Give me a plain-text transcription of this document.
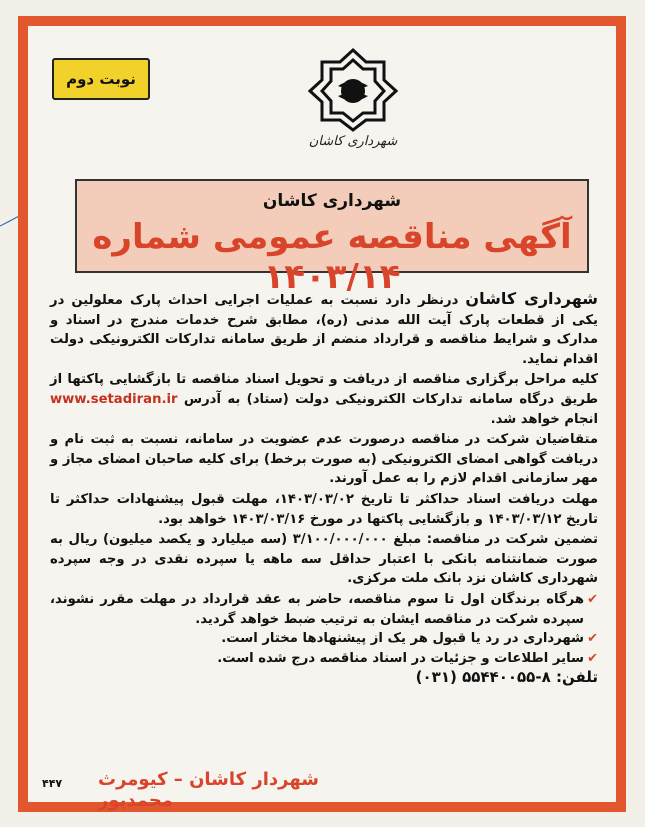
نوبت دوم
شهرداری کاشان
شهرداری کاشان
آگهی مناقصه عمومی شماره ۱۴۰۳/۱۴

شهرداری کاشان درنظر دارد نسبت به عملیات اجرایی احداث پارک معلولین در یکی از قطعات پارک آیت الله مدنی (ره)، مطابق شرح خدمات مندرج در اسناد و مدارک و شرایط مناقصه و قرارداد منضم از طریق سامانه تدارکات الکترونیکی دولت اقدام نماید.

کلیه مراحل برگزاری مناقصه از دریافت و تحویل اسناد مناقصه تا بازگشایی پاکتها از طریق درگاه سامانه تدارکات الکترونیکی دولت (ستاد) به آدرس www.setadiran.ir انجام خواهد شد.

متقاضیان شرکت در مناقصه درصورت عدم عضویت در سامانه، نسبت به ثبت نام و دریافت گواهی امضای الکترونیکی (به صورت برخط) برای کلیه صاحبان امضای مجاز و مهر سازمانی اقدام لازم را به عمل آورند.

مهلت دریافت اسناد حداکثر تا تاریخ ۱۴۰۳/۰۳/۰۲، مهلت قبول پیشنهادات حداکثر تا تاریخ ۱۴۰۳/۰۳/۱۲ و بازگشایی پاکتها در مورخ ۱۴۰۳/۰۳/۱۶ خواهد بود.

تضمین شرکت در مناقصه: مبلغ ۳/۱۰۰/۰۰۰/۰۰۰ (سه میلیارد و یکصد میلیون) ریال به صورت ضمانتنامه بانکی با اعتبار حداقل سه ماهه یا سپرده نقدی در وجه سپرده شهرداری کاشان نزد بانک ملت مرکزی.

✔
هرگاه برندگان اول تا سوم مناقصه، حاضر به عقد قرارداد در مهلت مقرر نشوند، سپرده شرکت در مناقصه ایشان به ترتیب ضبط خواهد گردید.
✔
شهرداری در رد یا قبول هر یک از پیشنهادها مختار است.
✔
سایر اطلاعات و جزئیات در اسناد مناقصه درج شده است.

تلفن: ۸-۵۵۴۴۰۰۵۵ (۰۳۱)

شهردار کاشان – کیومرث محمدپور
۴۴۷
